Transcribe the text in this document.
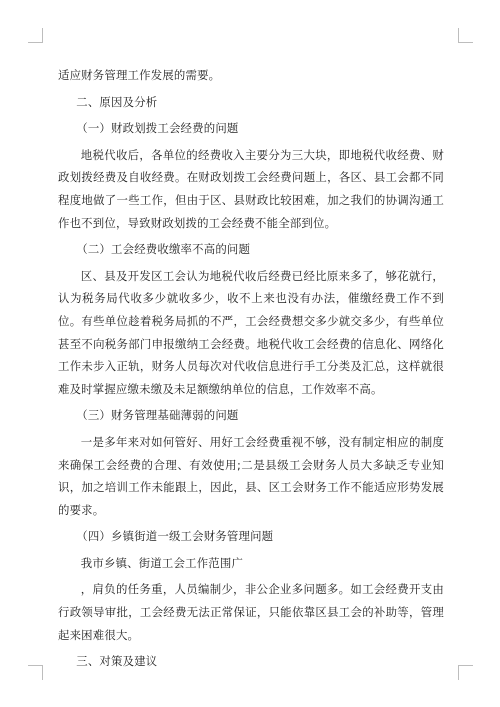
适应财务管理工作发展的需要。

二、原因及分析

（一）财政划拨工会经费的问题

地税代收后，各单位的经费收入主要分为三大块，即地税代收经费、财政划拨经费及自收经费。在财政划拨工会经费问题上，各区、县工会都不同程度地做了一些工作，但由于区、县财政比较困难，加之我们的协调沟通工作也不到位，导致财政划拨的工会经费不能全部到位。

（二）工会经费收缴率不高的问题

区、县及开发区工会认为地税代收后经费已经比原来多了，够花就行，认为税务局代收多少就收多少，收不上来也没有办法，催缴经费工作不到位。有些单位趁着税务局抓的不严，工会经费想交多少就交多少，有些单位甚至不向税务部门申报缴纳工会经费。地税代收工会经费的信息化、网络化工作未步入正轨，财务人员每次对代收信息进行手工分类及汇总，这样就很难及时掌握应缴未缴及未足额缴纳单位的信息，工作效率不高。

（三）财务管理基础薄弱的问题

一是多年来对如何管好、用好工会经费重视不够，没有制定相应的制度来确保工会经费的合理、有效使用;二是县级工会财务人员大多缺乏专业知识，加之培训工作未能跟上，因此，县、区工会财务工作不能适应形势发展的要求。

（四）乡镇街道一级工会财务管理问题

我市乡镇、街道工会工作范围广

，肩负的任务重，人员编制少，非公企业多问题多。如工会经费开支由行政领导审批，工会经费无法正常保证，只能依靠区县工会的补助等，管理起来困难很大。

三、对策及建议
